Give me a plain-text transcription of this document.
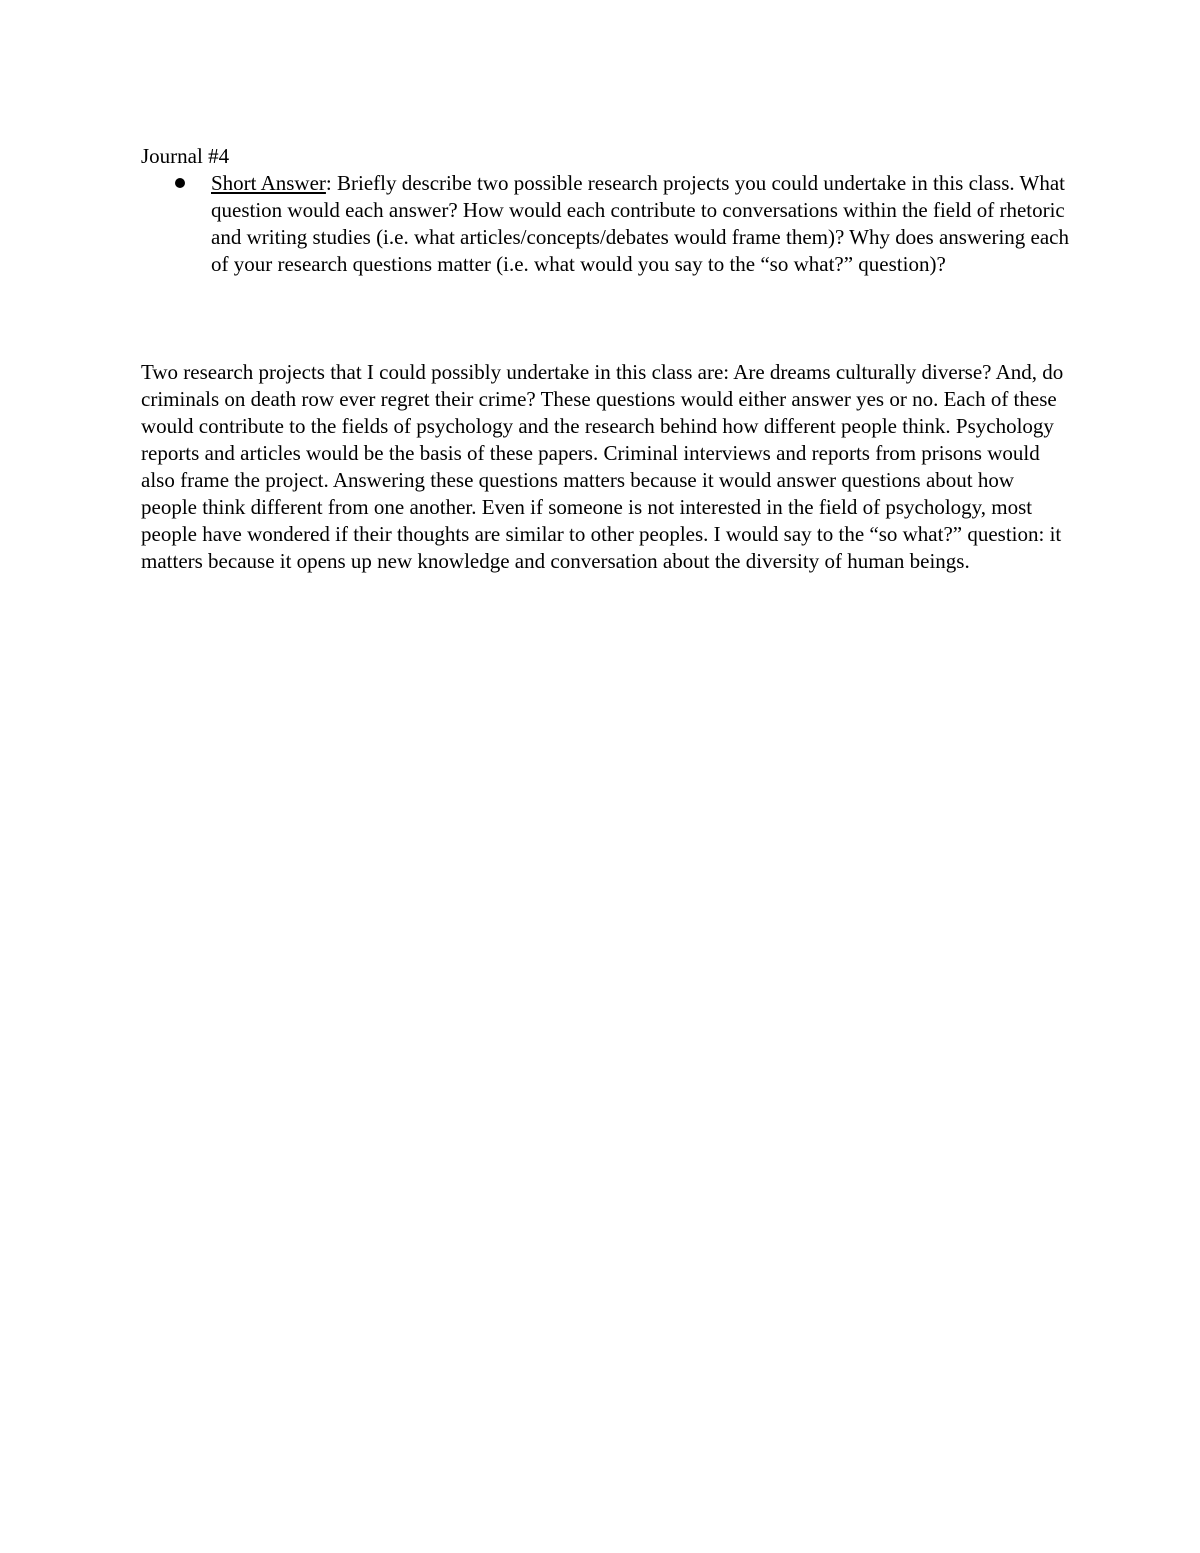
Journal #4
Short Answer: Briefly describe two possible research projects you could undertake in this class. What question would each answer? How would each contribute to conversations within the field of rhetoric and writing studies (i.e. what articles/concepts/debates would frame them)? Why does answering each of your research questions matter (i.e. what would you say to the “so what?” question)?

Two research projects that I could possibly undertake in this class are: Are dreams culturally diverse? And, do criminals on death row ever regret their crime? These questions would either answer yes or no. Each of these would contribute to the fields of psychology and the research behind how different people think. Psychology reports and articles would be the basis of these papers. Criminal interviews and reports from prisons would also frame the project. Answering these questions matters because it would answer questions about how people think different from one another. Even if someone is not interested in the field of psychology, most people have wondered if their thoughts are similar to other peoples. I would say to the “so what?” question: it matters because it opens up new knowledge and conversation about the diversity of human beings.
